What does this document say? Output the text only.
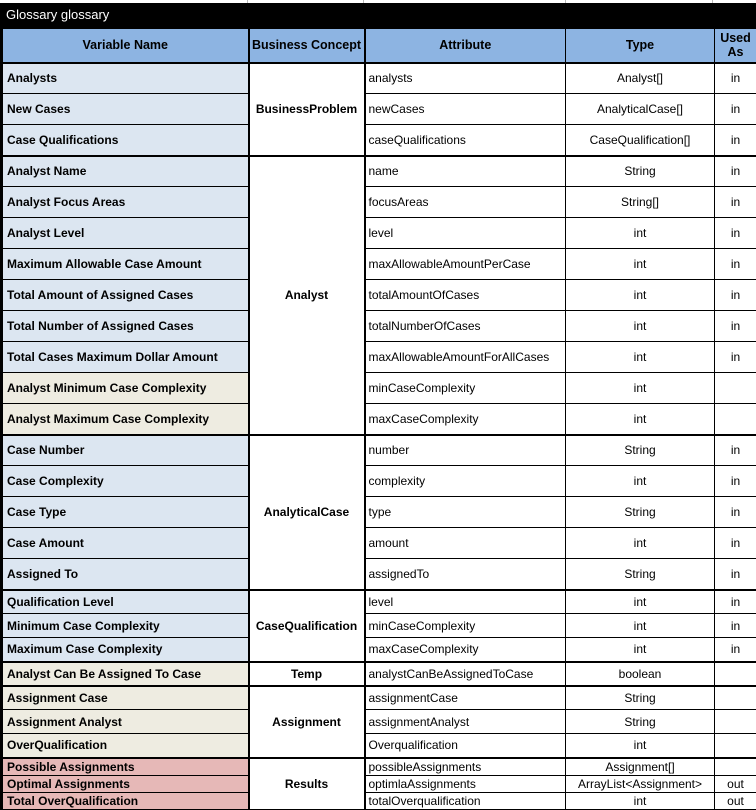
Glossary glossary
Variable Name	Business Concept	Attribute	Type	Used As
Analysts	BusinessProblem	analysts	Analyst[]	in
New Cases		newCases	AnalyticalCase[]	in
Case Qualifications		caseQualifications	CaseQualification[]	in
Analyst Name	Analyst	name	String	in
Analyst Focus Areas		focusAreas	String[]	in
Analyst Level		level	int	in
Maximum Allowable Case Amount		maxAllowableAmountPerCase	int	in
Total Amount of Assigned Cases		totalAmountOfCases	int	in
Total Number of Assigned Cases		totalNumberOfCases	int	in
Total Cases Maximum Dollar Amount		maxAllowableAmountForAllCases	int	in
Analyst Minimum Case Complexity		minCaseComplexity	int	
Analyst Maximum Case Complexity		maxCaseComplexity	int	
Case Number	AnalyticalCase	number	String	in
Case Complexity		complexity	int	in
Case Type		type	String	in
Case Amount		amount	int	in
Assigned To		assignedTo	String	in
Qualification Level	CaseQualification	level	int	in
Minimum Case Complexity		minCaseComplexity	int	in
Maximum Case Complexity		maxCaseComplexity	int	in
Analyst Can Be Assigned To Case	Temp	analystCanBeAssignedToCase	boolean	
Assignment Case	Assignment	assignmentCase	String	
Assignment Analyst		assignmentAnalyst	String	
OverQualification		Overqualification	int	
Possible Assignments	Results	possibleAssignments	Assignment[]	
Optimal Assignments		optimlaAssignments	ArrayList<Assignment>	out
Total OverQualification		totalOverqualification	int	out
